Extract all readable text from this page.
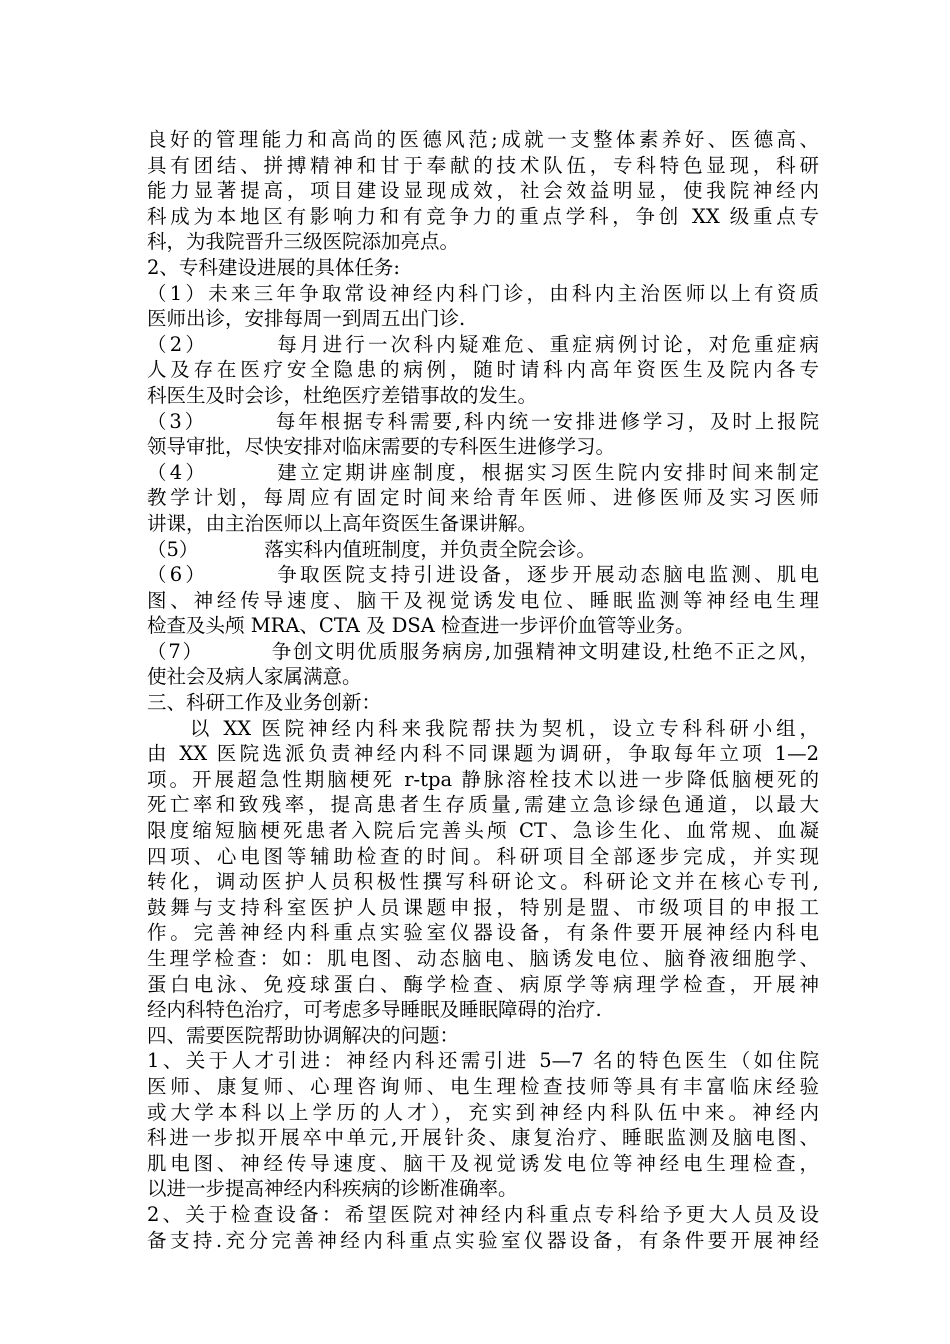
良好的管理能力和高尚的医德风范;成就一支整体素养好、医德高、
具有团结、拼搏精神和甘于奉献的技术队伍，专科特色显现，科研
能力显著提高，项目建设显现成效，社会效益明显，使我院神经内
科成为本地区有影响力和有竞争力的重点学科，争创 XX 级重点专
科，为我院晋升三级医院添加亮点。
2、专科建设进展的具体任务:
（1）未来三年争取常设神经内科门诊，由科内主治医师以上有资质
医师出诊，安排每周一到周五出门诊.
（2）	每月进行一次科内疑难危、重症病例讨论，对危重症病
人及存在医疗安全隐患的病例，随时请科内高年资医生及院内各专
科医生及时会诊，杜绝医疗差错事故的发生。
（3）	每年根据专科需要,科内统一安排进修学习，及时上报院
领导审批，尽快安排对临床需要的专科医生进修学习。
（4）	建立定期讲座制度，根据实习医生院内安排时间来制定
教学计划，每周应有固定时间来给青年医师、进修医师及实习医师
讲课，由主治医师以上高年资医生备课讲解。
（5）	落实科内值班制度，并负责全院会诊。
（6）	争取医院支持引进设备，逐步开展动态脑电监测、肌电
图、神经传导速度、脑干及视觉诱发电位、睡眠监测等神经电生理
检查及头颅 MRA、CTA 及 DSA 检查进一步评价血管等业务。
（7）	争创文明优质服务病房,加强精神文明建设,杜绝不正之风，
使社会及病人家属满意。
三、科研工作及业务创新：
以 XX 医院神经内科来我院帮扶为契机，设立专科科研小组，
由 XX 医院选派负责神经内科不同课题为调研，争取每年立项 1—2
项。开展超急性期脑梗死 r-tpa 静脉溶栓技术以进一步降低脑梗死的
死亡率和致残率，提高患者生存质量,需建立急诊绿色通道，以最大
限度缩短脑梗死患者入院后完善头颅 CT、急诊生化、血常规、血凝
四项、心电图等辅助检查的时间。科研项目全部逐步完成，并实现
转化，调动医护人员积极性撰写科研论文。科研论文并在核心专刊,
鼓舞与支持科室医护人员课题申报，特别是盟、市级项目的申报工
作。完善神经内科重点实验室仪器设备，有条件要开展神经内科电
生理学检查：如：肌电图、动态脑电、脑诱发电位、脑脊液细胞学、
蛋白电泳、免疫球蛋白、酶学检查、病原学等病理学检查，开展神
经内科特色治疗，可考虑多导睡眠及睡眠障碍的治疗.
四、需要医院帮助协调解决的问题：
1、关于人才引进：神经内科还需引进 5—7 名的特色医生（如住院
医师、康复师、心理咨询师、电生理检查技师等具有丰富临床经验
或大学本科以上学历的人才），充实到神经内科队伍中来。神经内
科进一步拟开展卒中单元,开展针灸、康复治疗、睡眠监测及脑电图、
肌电图、神经传导速度、脑干及视觉诱发电位等神经电生理检查，
以进一步提高神经内科疾病的诊断准确率。
2、关于检查设备：希望医院对神经内科重点专科给予更大人员及设
备支持.充分完善神经内科重点实验室仪器设备，有条件要开展神经
